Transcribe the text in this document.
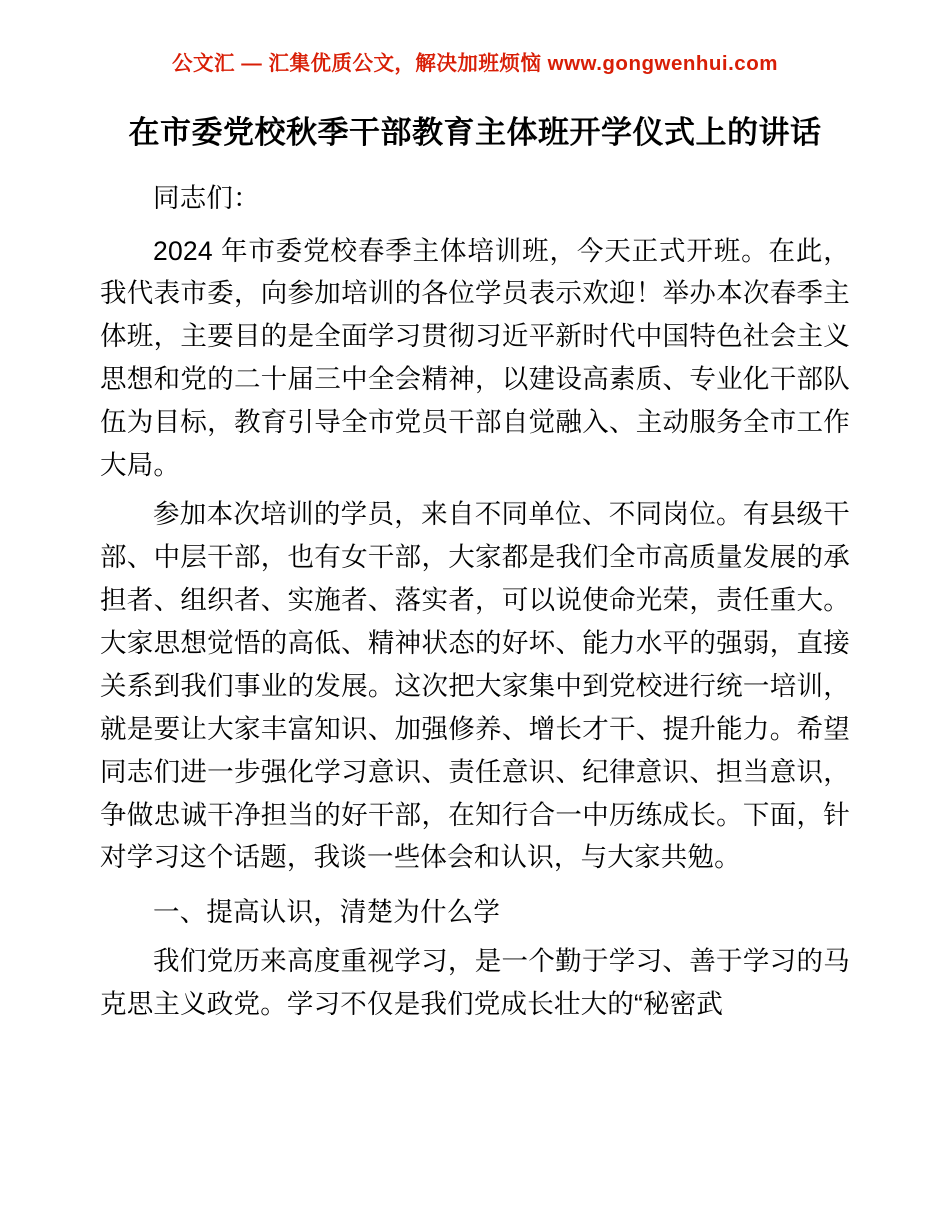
公文汇 — 汇集优质公文，解决加班烦恼 www.gongwenhui.com
在市委党校秋季干部教育主体班开学仪式上的讲话

同志们：

2024 年市委党校春季主体培训班，今天正式开班。在此，我代表市委，向参加培训的各位学员表示欢迎！举办本次春季主体班，主要目的是全面学习贯彻习近平新时代中国特色社会主义思想和党的二十届三中全会精神，以建设高素质、专业化干部队伍为目标，教育引导全市党员干部自觉融入、主动服务全市工作大局。

参加本次培训的学员，来自不同单位、不同岗位。有县级干部、中层干部，也有女干部，大家都是我们全市高质量发展的承担者、组织者、实施者、落实者，可以说使命光荣，责任重大。大家思想觉悟的高低、精神状态的好坏、能力水平的强弱，直接关系到我们事业的发展。这次把大家集中到党校进行统一培训，就是要让大家丰富知识、加强修养、增长才干、提升能力。希望同志们进一步强化学习意识、责任意识、纪律意识、担当意识，争做忠诚干净担当的好干部，在知行合一中历练成长。下面，针对学习这个话题，我谈一些体会和认识，与大家共勉。

一、提高认识，清楚为什么学

我们党历来高度重视学习，是一个勤于学习、善于学习的马克思主义政党。学习不仅是我们党成长壮大的“秘密武
